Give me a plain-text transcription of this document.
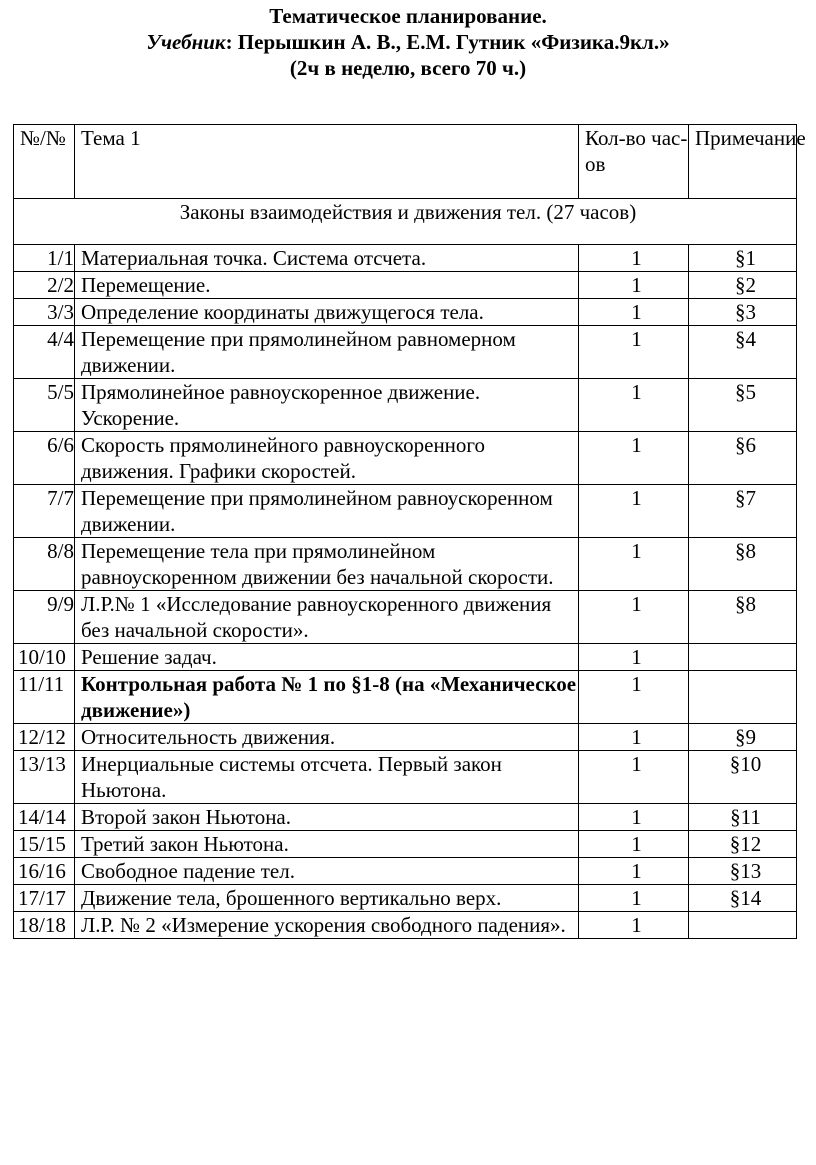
Тематическое планирование.
Учебник: Перышкин А. В., Е.М. Гутник «Физика.9кл.»
(2ч в неделю, всего 70 ч.)
№/№	Тема 1	Кол-во час-ов	Примечание
Законы взаимодействия и движения тел. (27 часов)			
1/1	Материальная точка. Система отсчета.	1	§1
2/2	Перемещение.	1	§2
3/3	Определение координаты движущегося тела.	1	§3
4/4	Перемещение при прямолинейном равномерном движении.	1	§4
5/5	Прямолинейное равноускоренное движение. Ускорение.	1	§5
6/6	Скорость прямолинейного равноускоренного движения. Графики скоростей.	1	§6
7/7	Перемещение при прямолинейном равноускоренном движении.	1	§7
8/8	Перемещение тела при прямолинейном равноускоренном движении без начальной скорости.	1	§8
9/9	Л.Р.№ 1 «Исследование равноускоренного движения без начальной скорости».	1	§8
10/10	Решение задач.	1	
11/11	Контрольная работа № 1 по §1-8 (на «Механическое движение»)	1	
12/12	Относительность движения.	1	§9
13/13	Инерциальные системы отсчета. Первый закон Ньютона.	1	§10
14/14	Второй закон Ньютона.	1	§11
15/15	Третий закон Ньютона.	1	§12
16/16	Свободное падение тел.	1	§13
17/17	Движение тела, брошенного вертикально верх.	1	§14
18/18	Л.Р. № 2 «Измерение ускорения свободного падения».	1	
